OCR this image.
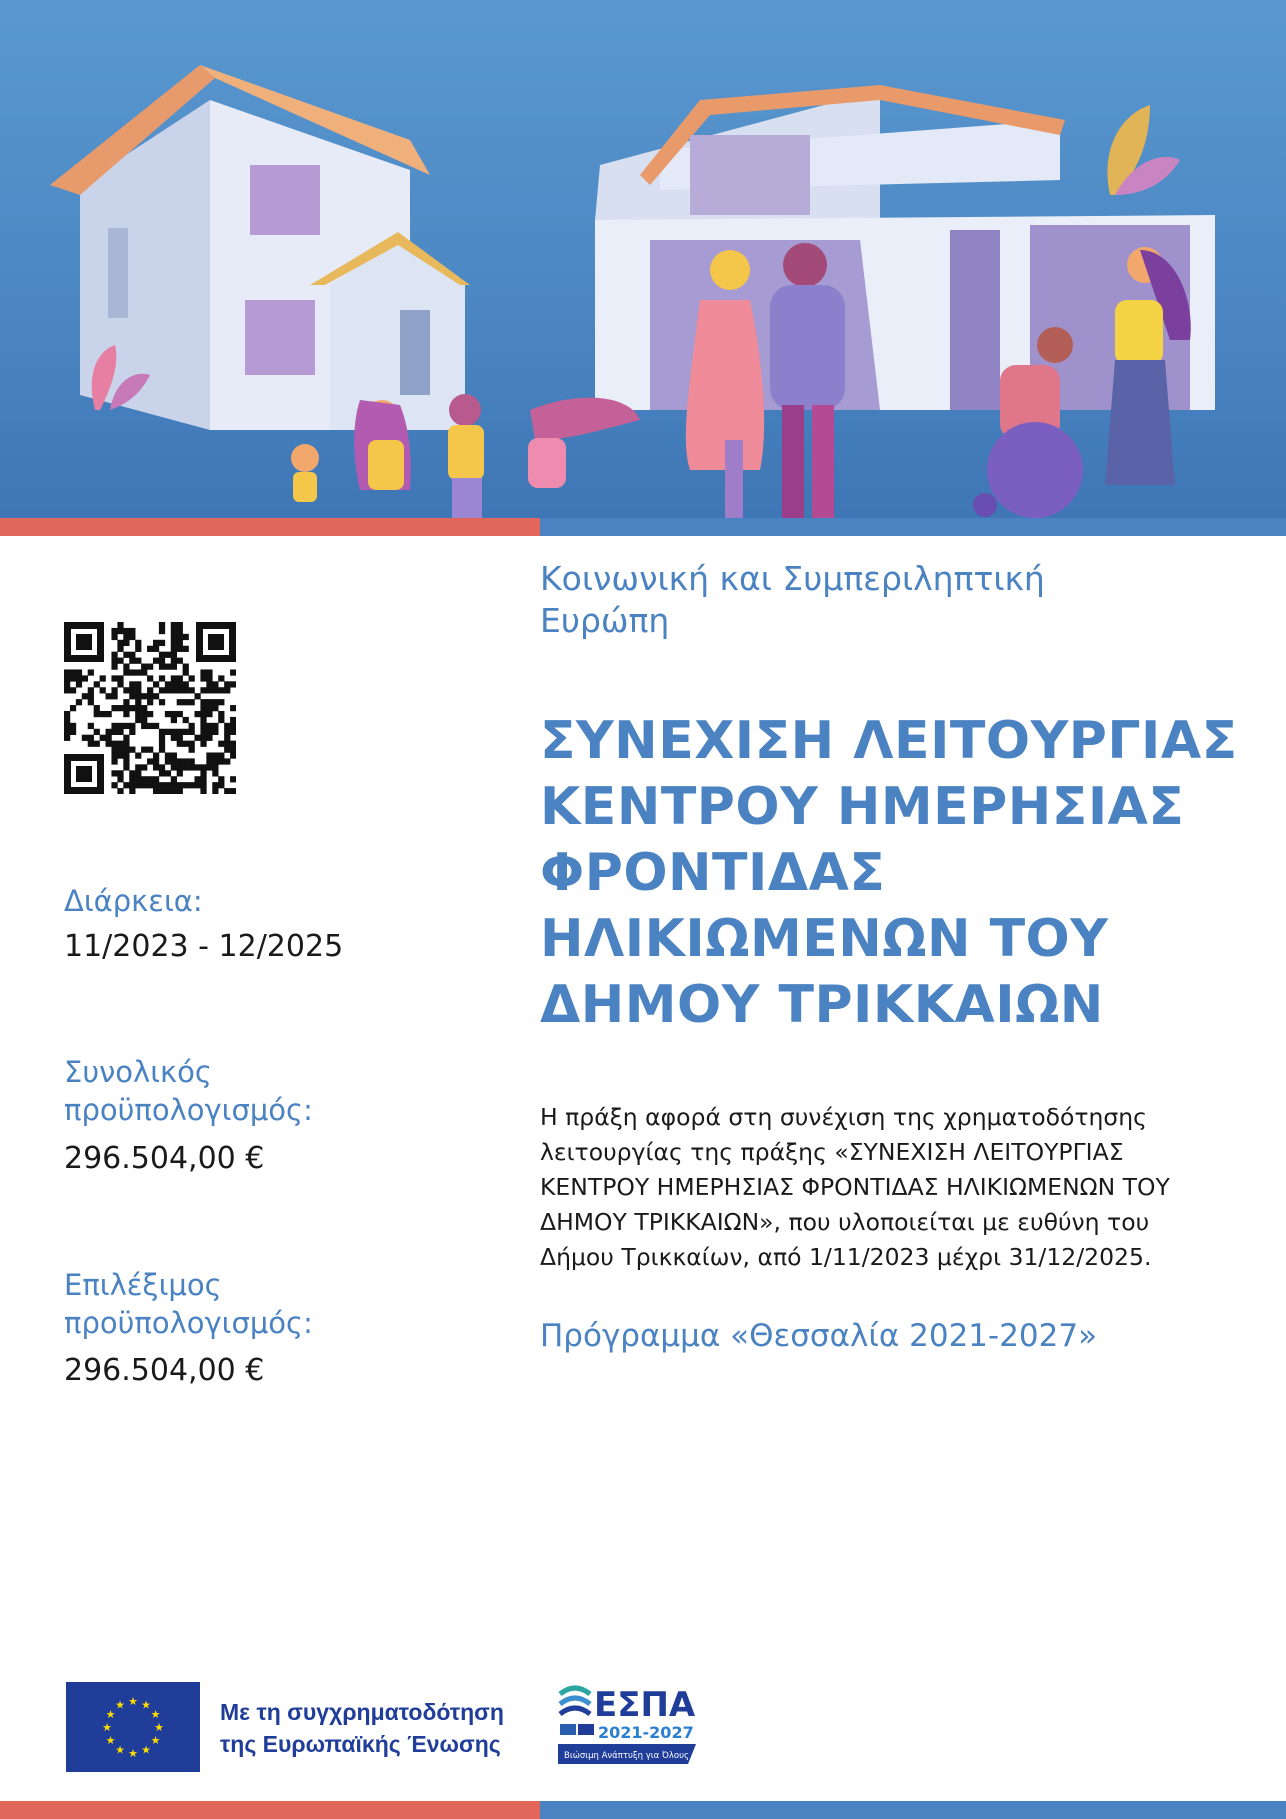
Διάρκεια:
11/2023 - 12/2025
Συνολικός
προϋπολογισμός:
296.504,00 €
Επιλέξιμος
προϋπολογισμός:
296.504,00 €
Κοινωνική και Συμπεριληπτική
Ευρώπη
ΣΥΝΕΧΙΣΗ ΛΕΙΤΟΥΡΓΙΑΣ
ΚΕΝΤΡΟΥ ΗΜΕΡΗΣΙΑΣ
ΦΡΟΝΤΙΔΑΣ
ΗΛΙΚΙΩΜΕΝΩΝ ΤΟΥ
ΔΗΜΟΥ ΤΡΙΚΚΑΙΩΝ
Η πράξη αφορά στη συνέχιση της χρηματοδότησης
λειτουργίας της πράξης «ΣΥΝΕΧΙΣΗ ΛΕΙΤΟΥΡΓΙΑΣ
ΚΕΝΤΡΟΥ ΗΜΕΡΗΣΙΑΣ ΦΡΟΝΤΙΔΑΣ ΗΛΙΚΙΩΜΕΝΩΝ ΤΟΥ
ΔΗΜΟΥ ΤΡΙΚΚΑΙΩΝ», που υλοποιείται με ευθύνη του
Δήμου Τρικκαίων, από 1/11/2023 μέχρι 31/12/2025.
Πρόγραμμα «Θεσσαλία 2021-2027»
★ ★
★
★
★
★
★
★
★
★
★
★	Με τη συγχρηματοδότηση
της Ευρωπαϊκής Ένωσης
ΕΣΠΑ
2021-2027
Βιώσιμη Ανάπτυξη για Όλους
